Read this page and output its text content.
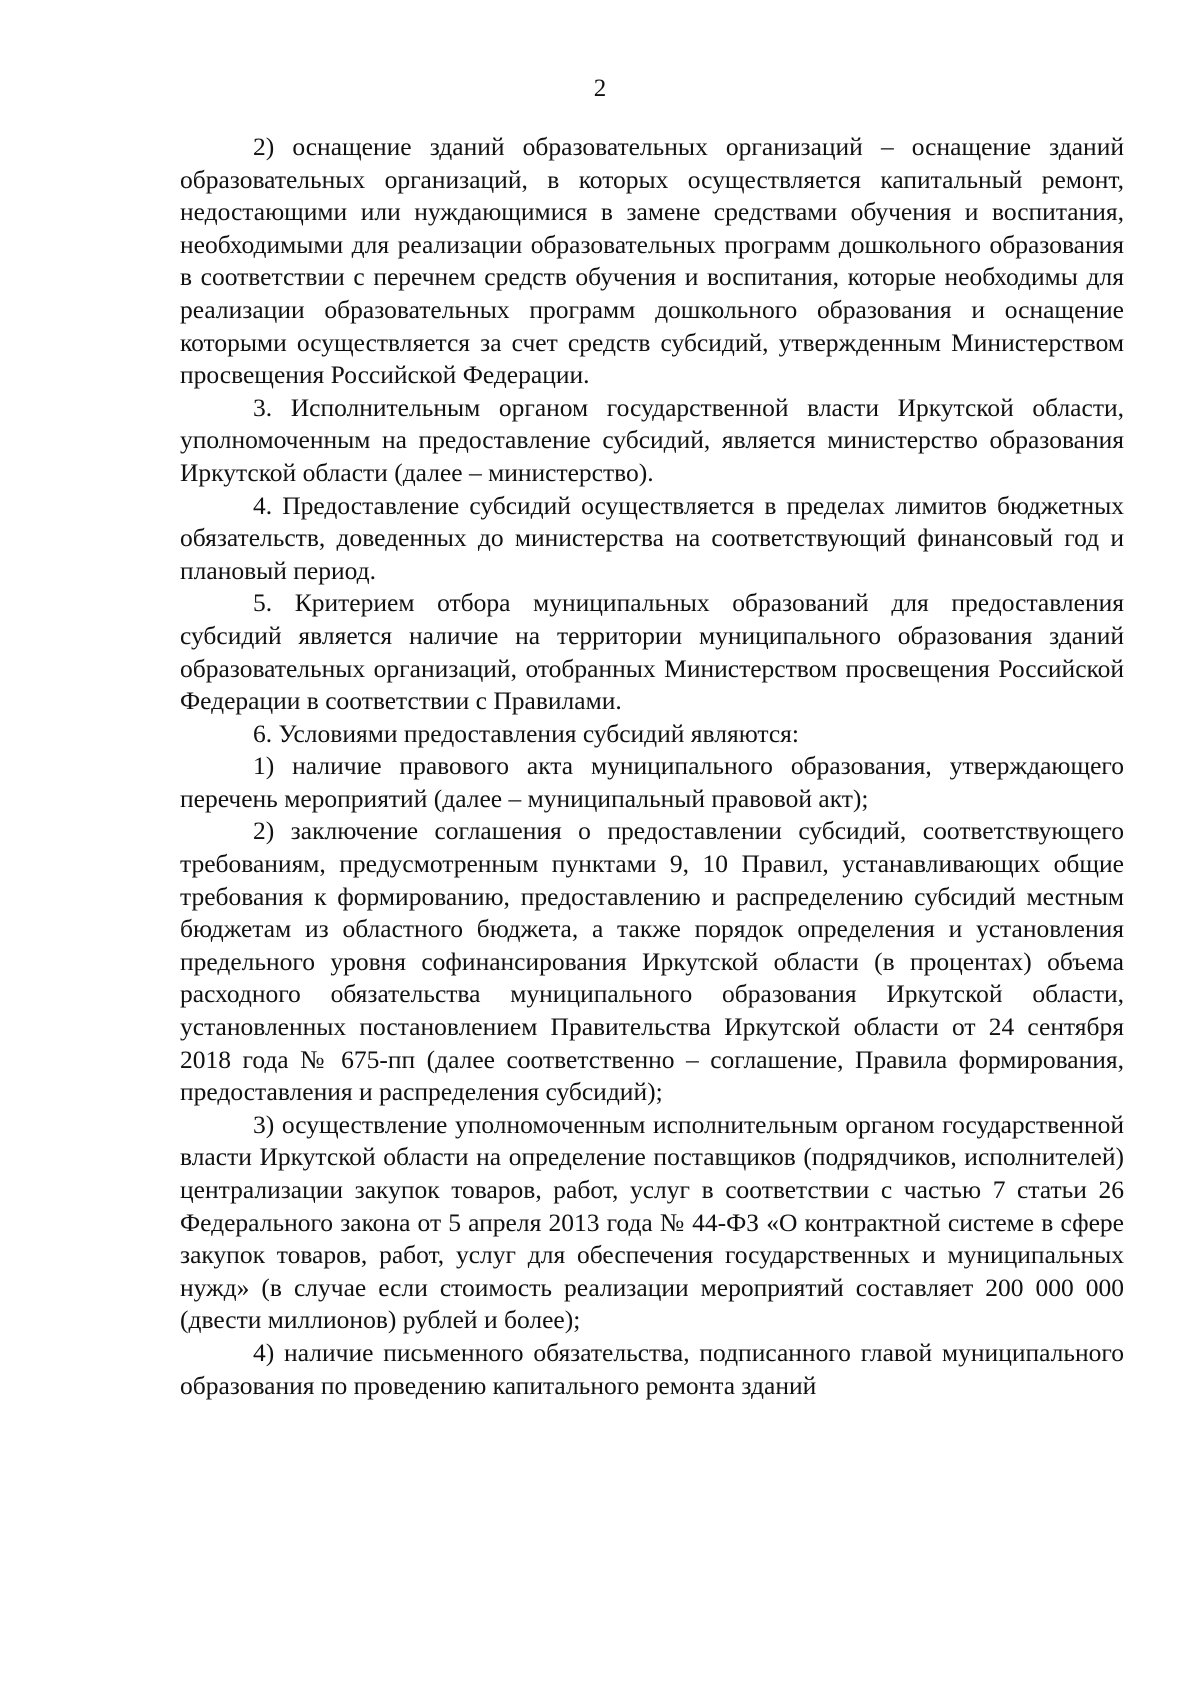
2

2) оснащение зданий образовательных организаций – оснащение зданий образовательных организаций, в которых осуществляется капитальный ремонт, недостающими или нуждающимися в замене средствами обучения и воспитания, необходимыми для реализации образовательных программ дошкольного образования в соответствии с перечнем средств обучения и воспитания, которые необходимы для реализации образовательных программ дошкольного образования и оснащение которыми осуществляется за счет средств субсидий, утвержденным Министерством просвещения Российской Федерации.

3. Исполнительным органом государственной власти Иркутской области, уполномоченным на предоставление субсидий, является министерство образования Иркутской области (далее – министерство).

4. Предоставление субсидий осуществляется в пределах лимитов бюджетных обязательств, доведенных до министерства на соответствующий финансовый год и плановый период.

5. Критерием отбора муниципальных образований для предоставления субсидий является наличие на территории муниципального образования зданий образовательных организаций, отобранных Министерством просвещения Российской Федерации в соответствии с Правилами.

6. Условиями предоставления субсидий являются:

1) наличие правового акта муниципального образования, утверждающего перечень мероприятий (далее – муниципальный правовой акт);

2) заключение соглашения о предоставлении субсидий, соответствующего требованиям, предусмотренным пунктами 9, 10 Правил, устанавливающих общие требования к формированию, предоставлению и распределению субсидий местным бюджетам из областного бюджета, а также порядок определения и установления предельного уровня софинансирования Иркутской области (в процентах) объема расходного обязательства муниципального образования Иркутской области, установленных постановлением Правительства Иркутской области от 24 сентября 2018 года № 675-пп (далее соответственно – соглашение, Правила формирования, предоставления и распределения субсидий);

3) осуществление уполномоченным исполнительным органом государственной власти Иркутской области на определение поставщиков (подрядчиков, исполнителей) централизации закупок товаров, работ, услуг в соответствии с частью 7 статьи 26 Федерального закона от 5 апреля 2013 года № 44-ФЗ «О контрактной системе в сфере закупок товаров, работ, услуг для обеспечения государственных и муниципальных нужд» (в случае если стоимость реализации мероприятий составляет 200 000 000 (двести миллионов) рублей и более);

4) наличие письменного обязательства, подписанного главой муниципального образования по проведению капитального ремонта зданий
